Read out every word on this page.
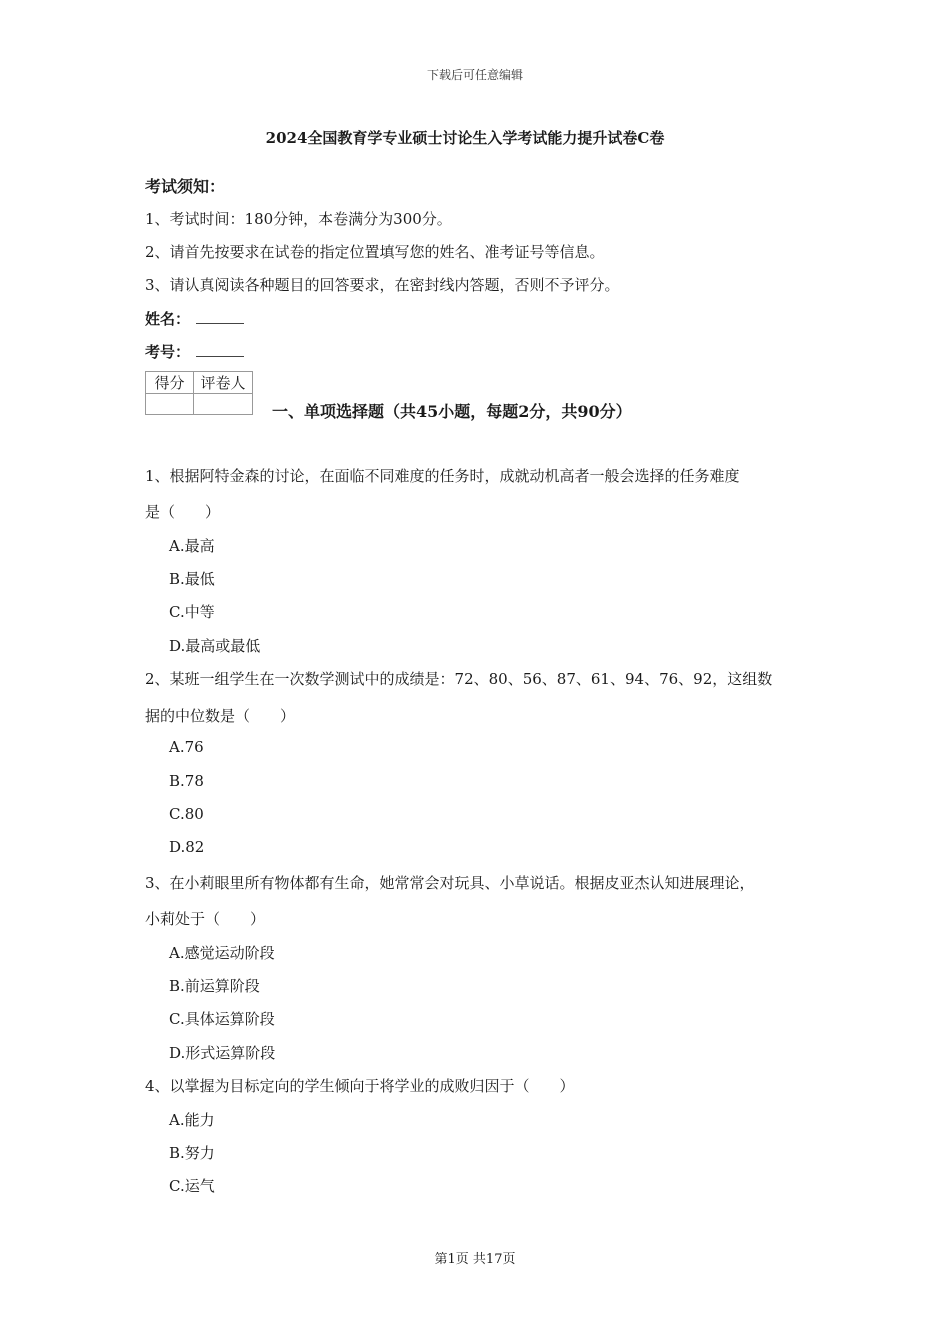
下载后可任意编辑
2024全国教育学专业硕士讨论生入学考试能力提升试卷C卷
考试须知：
1、考试时间：180分钟，本卷满分为300分。
2、请首先按要求在试卷的指定位置填写您的姓名、准考证号等信息。
3、请认真阅读各种题目的回答要求，在密封线内答题，否则不予评分。
姓名：
考号：
得分	评卷人

一、单项选择题（共45小题，每题2分，共90分）
1、根据阿特金森的讨论，在面临不同难度的任务时，成就动机高者一般会选择的任务难度
是（　　）
A.最高
B.最低
C.中等
D.最高或最低
2、某班一组学生在一次数学测试中的成绩是：72、80、56、87、61、94、76、92，这组数
据的中位数是（　　）
A.76
B.78
C.80
D.82
3、在小莉眼里所有物体都有生命，她常常会对玩具、小草说话。根据皮亚杰认知进展理论，
小莉处于（　　）
A.感觉运动阶段
B.前运算阶段
C.具体运算阶段
D.形式运算阶段
4、以掌握为目标定向的学生倾向于将学业的成败归因于（　　）
A.能力
B.努力
C.运气
第1页 共17页
